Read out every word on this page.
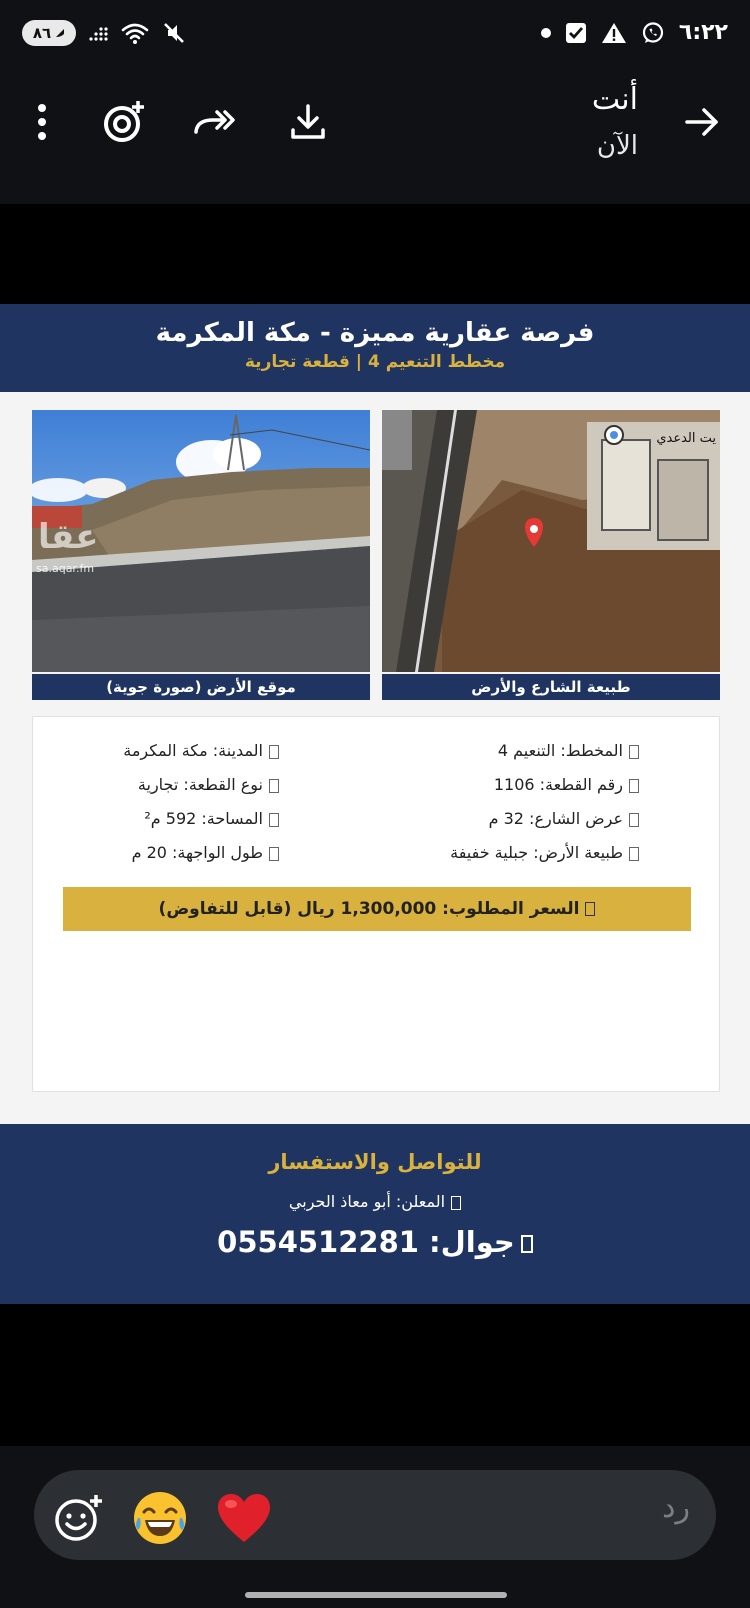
٨٦	٦:٢٢
أنت
الآن
فرصة عقارية مميزة - مكة المكرمة
مخطط التنعيم 4 | قطعة تجارية
عقا
sa.aqar.fm
موقع الأرض (صورة جوية)
يت الدعدي
طبيعة الشارع والأرض
المخطط: التنعيم 4
رقم القطعة: 1106
عرض الشارع: 32 م
طبيعة الأرض: جبلية خفيفة
المدينة: مكة المكرمة
نوع القطعة: تجارية
المساحة: 592 م²
طول الواجهة: 20 م
السعر المطلوب: 1,300,000 ريال (قابل للتفاوض)
للتواصل والاستفسار
المعلن: أبو معاذ الحربي
جوال: 0554512281
رد
